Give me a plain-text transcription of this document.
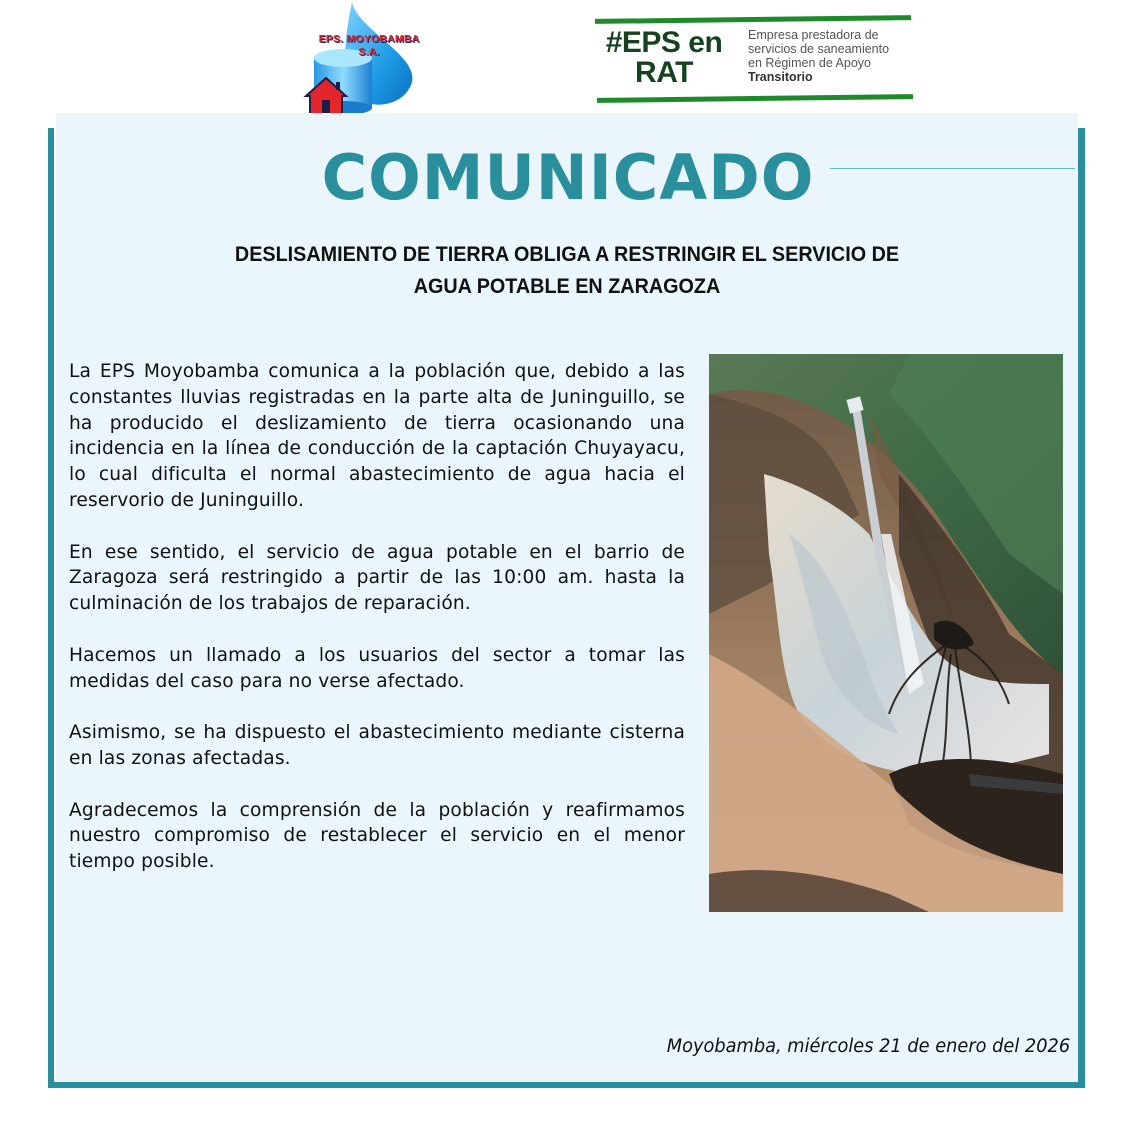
EPS. MOYOBAMBA
S.A.	#EPS en
RAT
Empresa prestadora de
servicios de saneamiento
en Régimen de Apoyo
Transitorio
COMUNICADO
DESLISAMIENTO DE TIERRA OBLIGA A RESTRINGIR EL SERVICIO DE
AGUA POTABLE EN ZARAGOZA

La EPS Moyobamba comunica a la población que, debido a las constantes lluvias registradas en la parte alta de Juninguillo, se ha producido el deslizamiento de tierra ocasionando una incidencia en la línea de conducción de la captación Chuyayacu, lo cual dificulta el normal abastecimiento de agua hacia el reservorio de Juninguillo.

En ese sentido, el servicio de agua potable en el barrio de Zaragoza será restringido a partir de las 10:00 am. hasta la culminación de los trabajos de reparación.

Hacemos un llamado a los usuarios del sector a tomar las medidas del caso para no verse afectado.

Asimismo, se ha dispuesto el abastecimiento mediante cisterna en las zonas afectadas.

Agradecemos la comprensión de la población y reafirmamos nuestro compromiso de restablecer el servicio en el menor tiempo posible.

Moyobamba, miércoles 21 de enero del 2026
